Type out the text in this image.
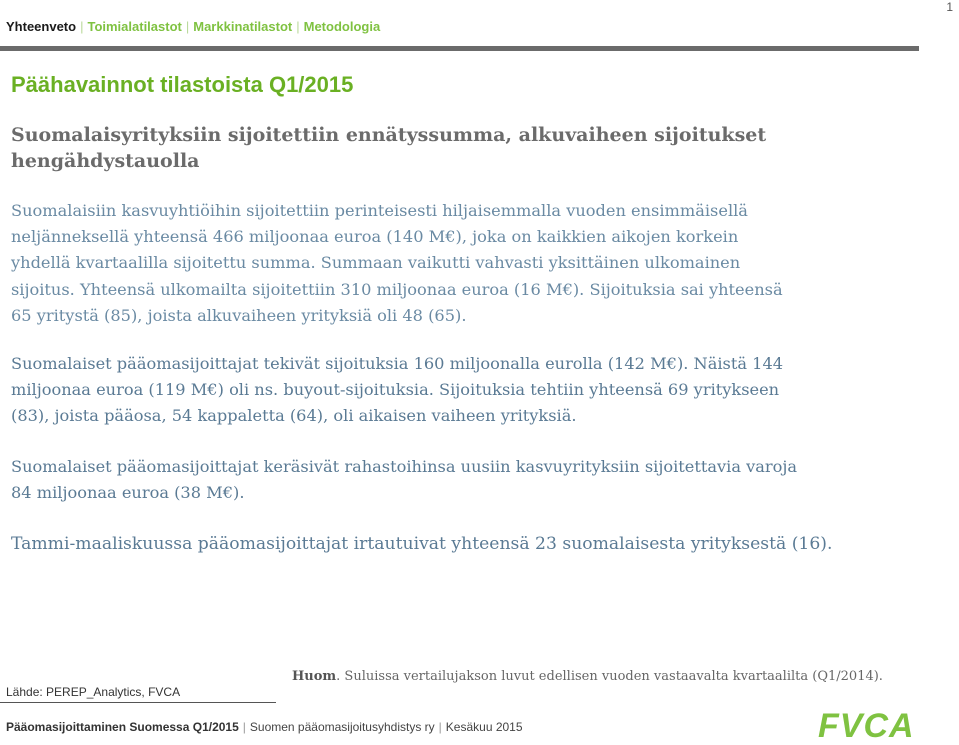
Yhteenveto | Toimialatilastot | Markkinatilastot | Metodologia
1
Päähavainnot tilastoista Q1/2015
Suomalaisyrityksiin sijoitettiin ennätyssumma, alkuvaiheen sijoitukset
hengähdystauolla
Suomalaisiin kasvuyhtiöihin sijoitettiin perinteisesti hiljaisemmalla vuoden ensimmäisellä
neljänneksellä yhteensä 466 miljoonaa euroa (140 M€), joka on kaikkien aikojen korkein
yhdellä kvartaalilla sijoitettu summa. Summaan vaikutti vahvasti yksittäinen ulkomainen
sijoitus. Yhteensä ulkomailta sijoitettiin 310 miljoonaa euroa (16 M€). Sijoituksia sai yhteensä
65 yritystä (85), joista alkuvaiheen yrityksiä oli 48 (65).
Suomalaiset pääomasijoittajat tekivät sijoituksia 160 miljoonalla eurolla (142 M€). Näistä 144
miljoonaa euroa (119 M€) oli ns. buyout-sijoituksia. Sijoituksia tehtiin yhteensä 69 yritykseen
(83), joista pääosa, 54 kappaletta (64), oli aikaisen vaiheen yrityksiä.
Suomalaiset pääomasijoittajat keräsivät rahastoihinsa uusiin kasvuyrityksiin sijoitettavia varoja
84 miljoonaa euroa (38 M€).
Tammi-maaliskuussa pääomasijoittajat irtautuivat yhteensä 23 suomalaisesta yrityksestä (16).
Huom. Suluissa vertailujakson luvut edellisen vuoden vastaavalta kvartaalilta (Q1/2014).
Lähde: PEREP_Analytics, FVCA
Pääomasijoittaminen Suomessa Q1/2015 | Suomen pääomasijoitusyhdistys ry | Kesäkuu 2015	FVCA
